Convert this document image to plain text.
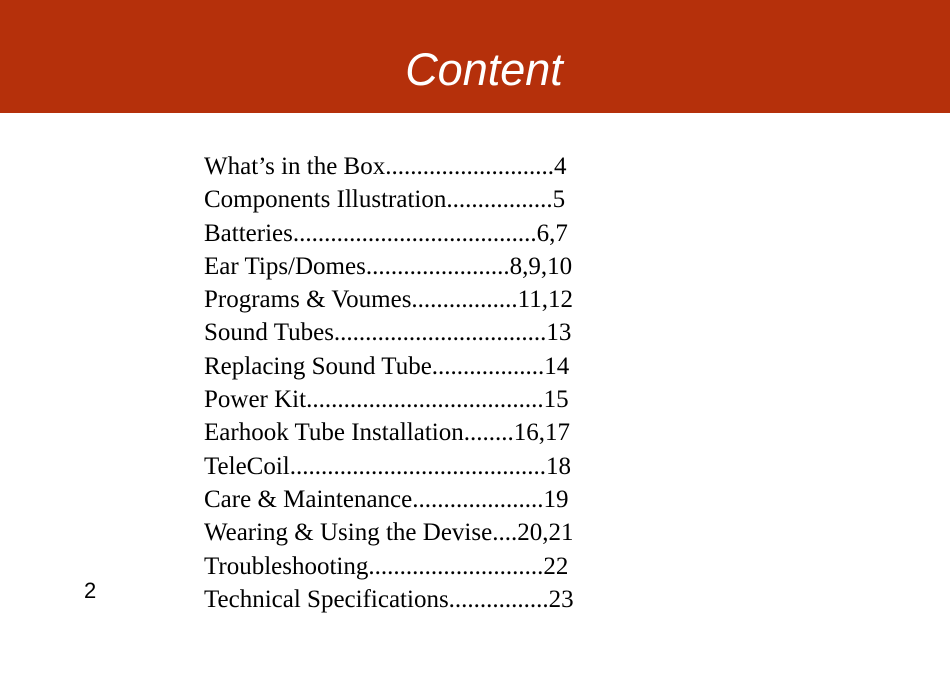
Content
What’s in the Box...........................4
Components Illustration.................5
Batteries.......................................6,7
Ear Tips/Domes.......................8,9,10
Programs & Voumes.................11,12
Sound Tubes..................................13
Replacing Sound Tube..................14
Power Kit......................................15
Earhook Tube Installation........16,17
TeleCoil.........................................18
Care & Maintenance.....................19
Wearing & Using the Devise....20,21
Troubleshooting............................22
Technical Specifications................23
2
